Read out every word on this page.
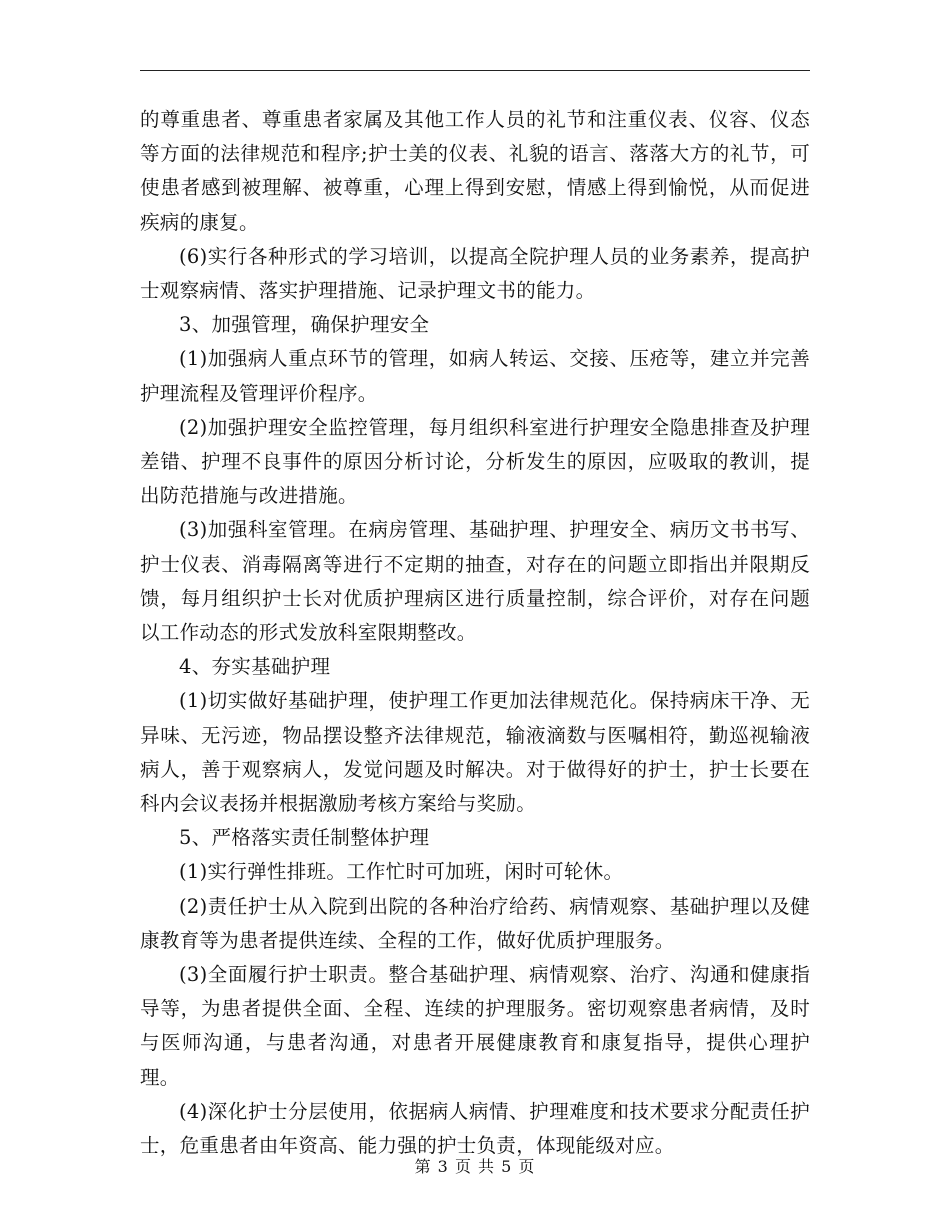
的尊重患者、尊重患者家属及其他工作人员的礼节和注重仪表、仪容、仪态等方面的法律规范和程序;护士美的仪表、礼貌的语言、落落大方的礼节，可使患者感到被理解、被尊重，心理上得到安慰，情感上得到愉悦，从而促进疾病的康复。

(6)实行各种形式的学习培训，以提高全院护理人员的业务素养，提高护士观察病情、落实护理措施、记录护理文书的能力。

3、加强管理，确保护理安全

(1)加强病人重点环节的管理，如病人转运、交接、压疮等，建立并完善护理流程及管理评价程序。

(2)加强护理安全监控管理，每月组织科室进行护理安全隐患排查及护理差错、护理不良事件的原因分析讨论，分析发生的原因，应吸取的教训，提出防范措施与改进措施。

(3)加强科室管理。在病房管理、基础护理、护理安全、病历文书书写、护士仪表、消毒隔离等进行不定期的抽查，对存在的问题立即指出并限期反馈，每月组织护士长对优质护理病区进行质量控制，综合评价，对存在问题以工作动态的形式发放科室限期整改。

4、夯实基础护理

(1)切实做好基础护理，使护理工作更加法律规范化。保持病床干净、无异味、无污迹，物品摆设整齐法律规范，输液滴数与医嘱相符，勤巡视输液病人，善于观察病人，发觉问题及时解决。对于做得好的护士，护士长要在科内会议表扬并根据激励考核方案给与奖励。

5、严格落实责任制整体护理

(1)实行弹性排班。工作忙时可加班，闲时可轮休。

(2)责任护士从入院到出院的各种治疗给药、病情观察、基础护理以及健康教育等为患者提供连续、全程的工作，做好优质护理服务。

(3)全面履行护士职责。整合基础护理、病情观察、治疗、沟通和健康指导等，为患者提供全面、全程、连续的护理服务。密切观察患者病情，及时与医师沟通，与患者沟通，对患者开展健康教育和康复指导，提供心理护理。

(4)深化护士分层使用，依据病人病情、护理难度和技术要求分配责任护士，危重患者由年资高、能力强的护士负责，体现能级对应。

第 3 页 共 5 页
